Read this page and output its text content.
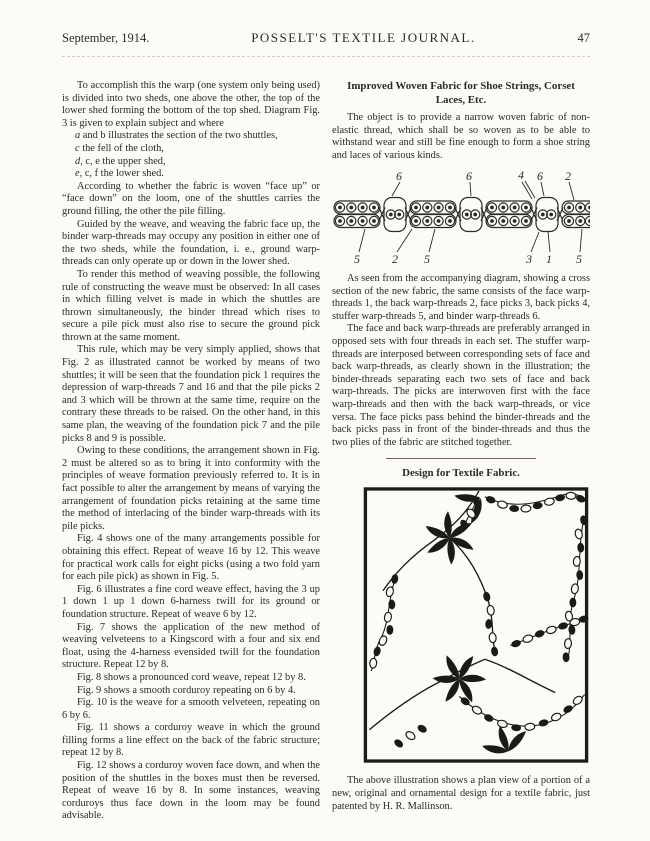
September, 1914.	POSSELT'S TEXTILE JOURNAL.	47

To accomplish this the warp (one system only being used) is divided into two sheds, one above the other, the top of the lower shed forming the bottom of the top shed. Diagram Fig. 3 is given to explain subject and where

a and b illustrates the section of the two shuttles,
c the fell of the cloth,
d, c, e the upper shed,
e, c, f the lower shed.

According to whether the fabric is woven “face up” or “face down” on the loom, one of the shuttles carries the ground filling, the other the pile filling.

Guided by the weave, and weaving the fabric face up, the binder warp-threads may occupy any position in either one of the two sheds, while the foundation, i. e., ground warp-threads can only operate up or down in the lower shed.

To render this method of weaving possible, the following rule of constructing the weave must be observed: In all cases in which filling velvet is made in which the shuttles are thrown simultaneously, the binder thread which rises to secure a pile pick must also rise to secure the ground pick thrown at the same moment.

This rule, which may be very simply applied, shows that Fig. 2 as illustrated cannot be worked by means of two shuttles; it will be seen that the foundation pick 1 requires the depression of warp-threads 7 and 16 and that the pile picks 2 and 3 which will be thrown at the same time, require on the contrary these threads to be raised. On the other hand, in this same plan, the weaving of the foundation pick 7 and the pile picks 8 and 9 is possible.

Owing to these conditions, the arrangement shown in Fig. 2 must be altered so as to bring it into conformity with the principles of weave formation previously referred to. It is in fact possible to alter the arrangement by means of varying the arrangement of foundation picks retaining at the same time the method of interlacing of the binder warp-threads with its pile picks.

Fig. 4 shows one of the many arrangements possible for obtaining this effect. Repeat of weave 16 by 12. This weave for practical work calls for eight picks (using a two fold yarn for each pile pick) as shown in Fig. 5.

Fig. 6 illustrates a fine cord weave effect, having the 3 up 1 down 1 up 1 down 6-harness twill for its ground or foundation structure. Repeat of weave 6 by 12.

Fig. 7 shows the application of the new method of weaving velveteens to a Kingscord with a four and six end float, using the 4-harness evensided twill for the foundation structure. Repeat 12 by 8.

Fig. 8 shows a pronounced cord weave, repeat 12 by 8.

Fig. 9 shows a smooth corduroy repeating on 6 by 4.

Fig. 10 is the weave for a smooth velveteen, repeating on 6 by 6.

Fig. 11 shows a corduroy weave in which the ground filling forms a line effect on the back of the fabric structure; repeat 12 by 8.

Fig. 12 shows a corduroy woven face down, and when the position of the shuttles in the boxes must then be reversed. Repeat of weave 16 by 8. In some instances, weaving corduroys thus face down in the loom may be found advisable.

Improved Woven Fabric for Shoe Strings, Corset Laces, Etc.

The object is to provide a narrow woven fabric of non-elastic thread, which shall be so woven as to be able to withstand wear and still be fine enough to form a shoe string and laces of various kinds.

6	6	4 6 2
5	2 5	3 1 5

As seen from the accompanying diagram, showing a cross section of the new fabric, the same consists of the face warp-threads 1, the back warp-threads 2, face picks 3, back picks 4, stuffer warp-threads 5, and binder warp-threads 6.

The face and back warp-threads are preferably arranged in opposed sets with four threads in each set. The stuffer warp-threads are interposed between corresponding sets of face and back warp-threads, as clearly shown in the illustration; the binder-threads separating each two sets of face and back warp-threads. The picks are interwoven first with the face warp-threads and then with the back warp-threads, or vice versa. The face picks pass behind the binder-threads and the back picks pass in front of the binder-threads and thus the two plies of the fabric are stitched together.

Design for Textile Fabric.

The above illustration shows a plan view of a portion of a new, original and ornamental design for a textile fabric, just patented by H. R. Mallinson.
